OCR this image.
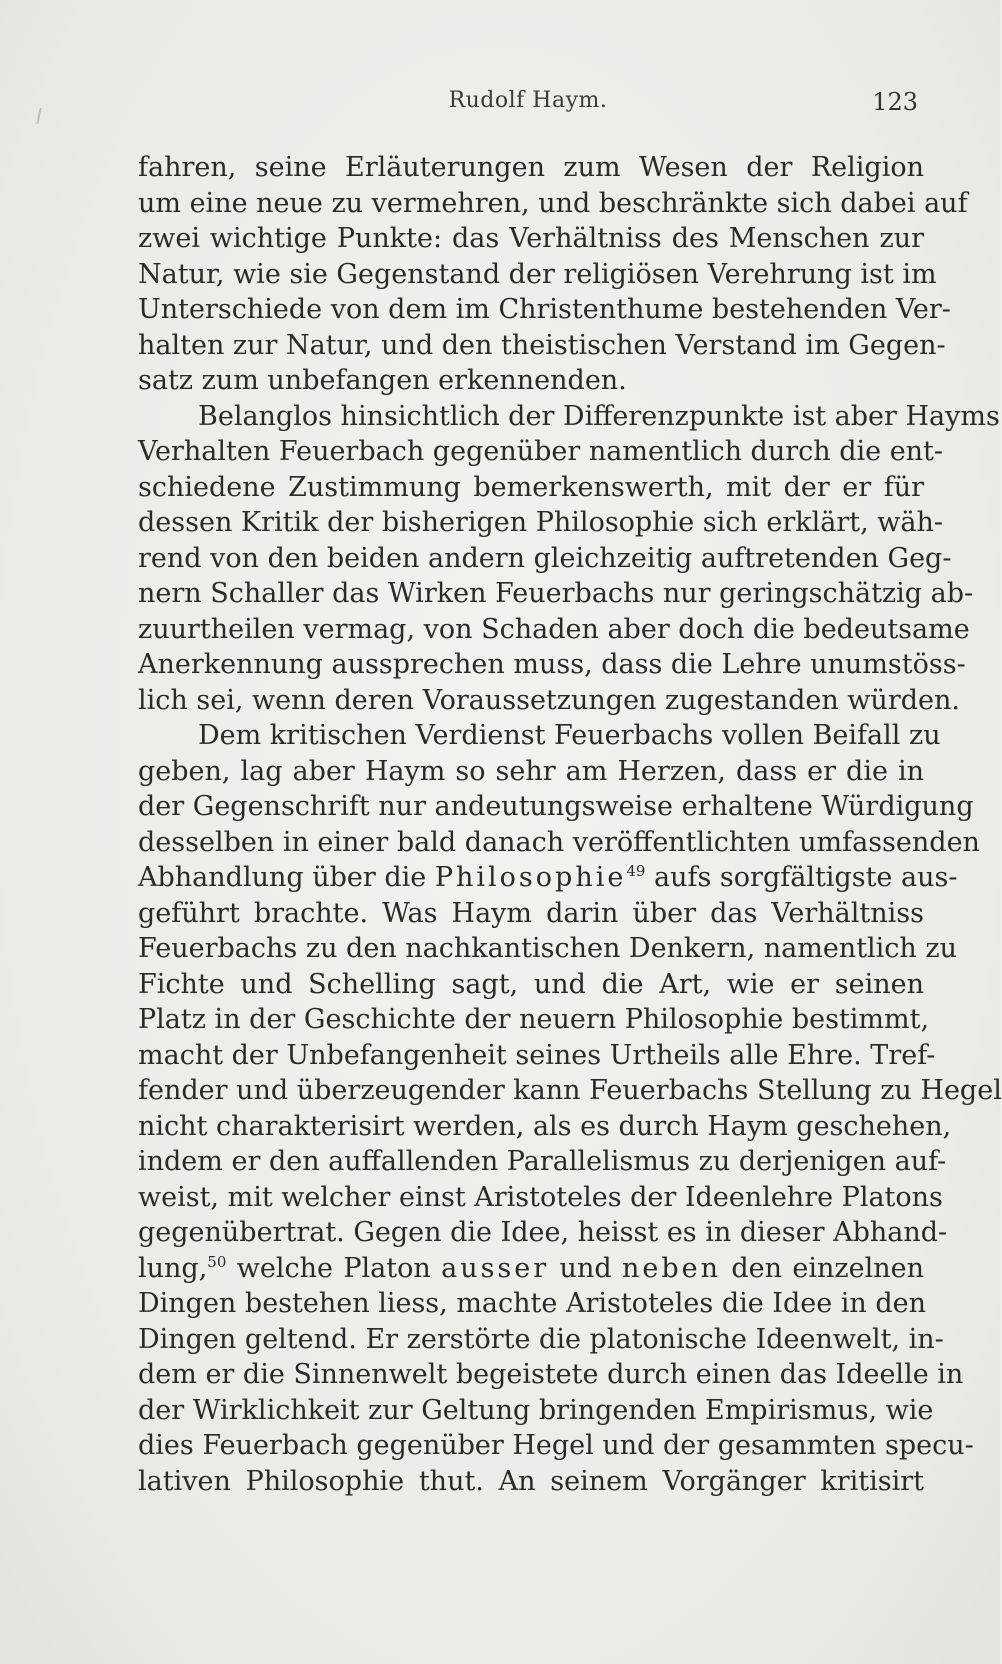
Rudolf Haym.	123
fahren, seine Erläuterungen zum Wesen der Religion
um eine neue zu vermehren, und beschränkte sich dabei auf
zwei wichtige Punkte: das Verhältniss des Menschen zur
Natur, wie sie Gegenstand der religiösen Verehrung ist im
Unterschiede von dem im Christenthume bestehenden Ver-
halten zur Natur, und den theistischen Verstand im Gegen-
satz zum unbefangen erkennenden.
Belanglos hinsichtlich der Differenzpunkte ist aber Hayms
Verhalten Feuerbach gegenüber namentlich durch die ent-
schiedene Zustimmung bemerkenswerth, mit der er für
dessen Kritik der bisherigen Philosophie sich erklärt, wäh-
rend von den beiden andern gleichzeitig auftretenden Geg-
nern Schaller das Wirken Feuerbachs nur geringschätzig ab-
zuurtheilen vermag, von Schaden aber doch die bedeutsame
Anerkennung aussprechen muss, dass die Lehre unumstöss-
lich sei, wenn deren Voraussetzungen zugestanden würden.
Dem kritischen Verdienst Feuerbachs vollen Beifall zu
geben, lag aber Haym so sehr am Herzen, dass er die in
der Gegenschrift nur andeutungsweise erhaltene Würdigung
desselben in einer bald danach veröffentlichten umfassenden
Abhandlung über die Philosophie$^{49}$ aufs sorgfältigste aus-
geführt brachte. Was Haym darin über das Verhältniss
Feuerbachs zu den nachkantischen Denkern, namentlich zu
Fichte und Schelling sagt, und die Art, wie er seinen
Platz in der Geschichte der neuern Philosophie bestimmt,
macht der Unbefangenheit seines Urtheils alle Ehre. Tref-
fender und überzeugender kann Feuerbachs Stellung zu Hegel
nicht charakterisirt werden, als es durch Haym geschehen,
indem er den auffallenden Parallelismus zu derjenigen auf-
weist, mit welcher einst Aristoteles der Ideenlehre Platons
gegenübertrat. Gegen die Idee, heisst es in dieser Abhand-
lung,$^{50}$ welche Platon ausser und neben den einzelnen
Dingen bestehen liess, machte Aristoteles die Idee in den
Dingen geltend. Er zerstörte die platonische Ideenwelt, in-
dem er die Sinnenwelt begeistete durch einen das Ideelle in
der Wirklichkeit zur Geltung bringenden Empirismus, wie
dies Feuerbach gegenüber Hegel und der gesammten specu-
lativen Philosophie thut. An seinem Vorgänger kritisirt
